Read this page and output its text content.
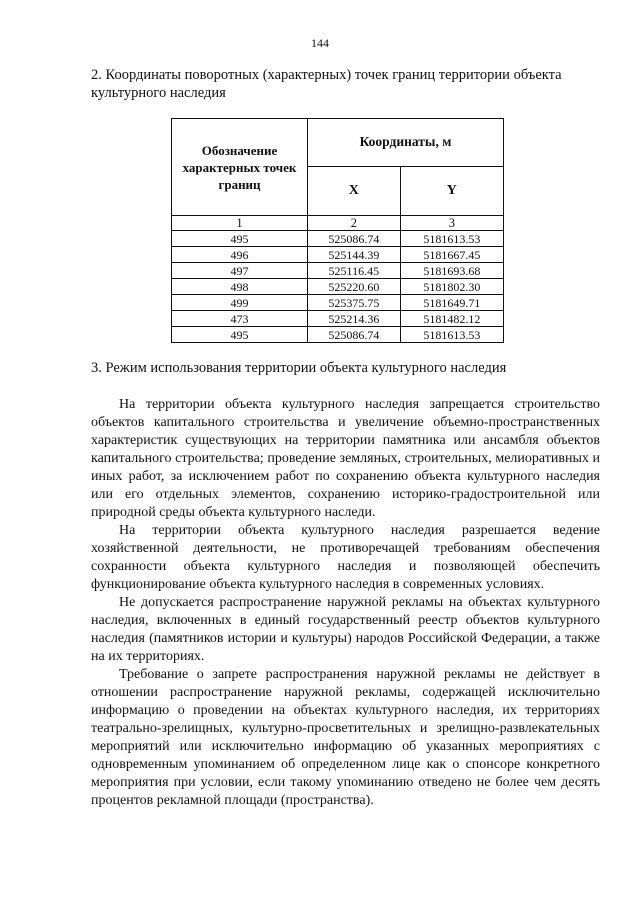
144
2. Координаты поворотных (характерных) точек границ территории объекта культурного наследия
Обозначение характерных точек границ	Координаты, м	
	X	Y
1	2	3
495	525086.74	5181613.53
496	525144.39	5181667.45
497	525116.45	5181693.68
498	525220.60	5181802.30
499	525375.75	5181649.71
473	525214.36	5181482.12
495	525086.74	5181613.53
3. Режим использования территории объекта культурного наследия

На территории объекта культурного наследия запрещается строительство объектов капитального строительства и увеличение объемно-пространственных характеристик существующих на территории памятника или ансамбля объектов капитального строительства; проведение земляных, строительных, мелиоративных и иных работ, за исключением работ по сохранению объекта культурного наследия или его отдельных элементов, сохранению историко-градостроительной или природной среды объекта культурного наследи.

На территории объекта культурного наследия разрешается ведение хозяйственной деятельности, не противоречащей требованиям обеспечения сохранности объекта культурного наследия и позволяющей обеспечить функционирование объекта культурного наследия в современных условиях.

Не допускается распространение наружной рекламы на объектах культурного наследия, включенных в единый государственный реестр объектов культурного наследия (памятников истории и культуры) народов Российской Федерации, а также на их территориях.

Требование о запрете распространения наружной рекламы не действует в отношении распространение наружной рекламы, содержащей исключительно информацию о проведении на объектах культурного наследия, их территориях театрально-зрелищных, культурно-просветительных и зрелищно-развлекательных мероприятий или исключительно информацию об указанных мероприятиях с одновременным упоминанием об определенном лице как о спонсоре конкретного мероприятия при условии, если такому упоминанию отведено не более чем десять процентов рекламной площади (пространства).
